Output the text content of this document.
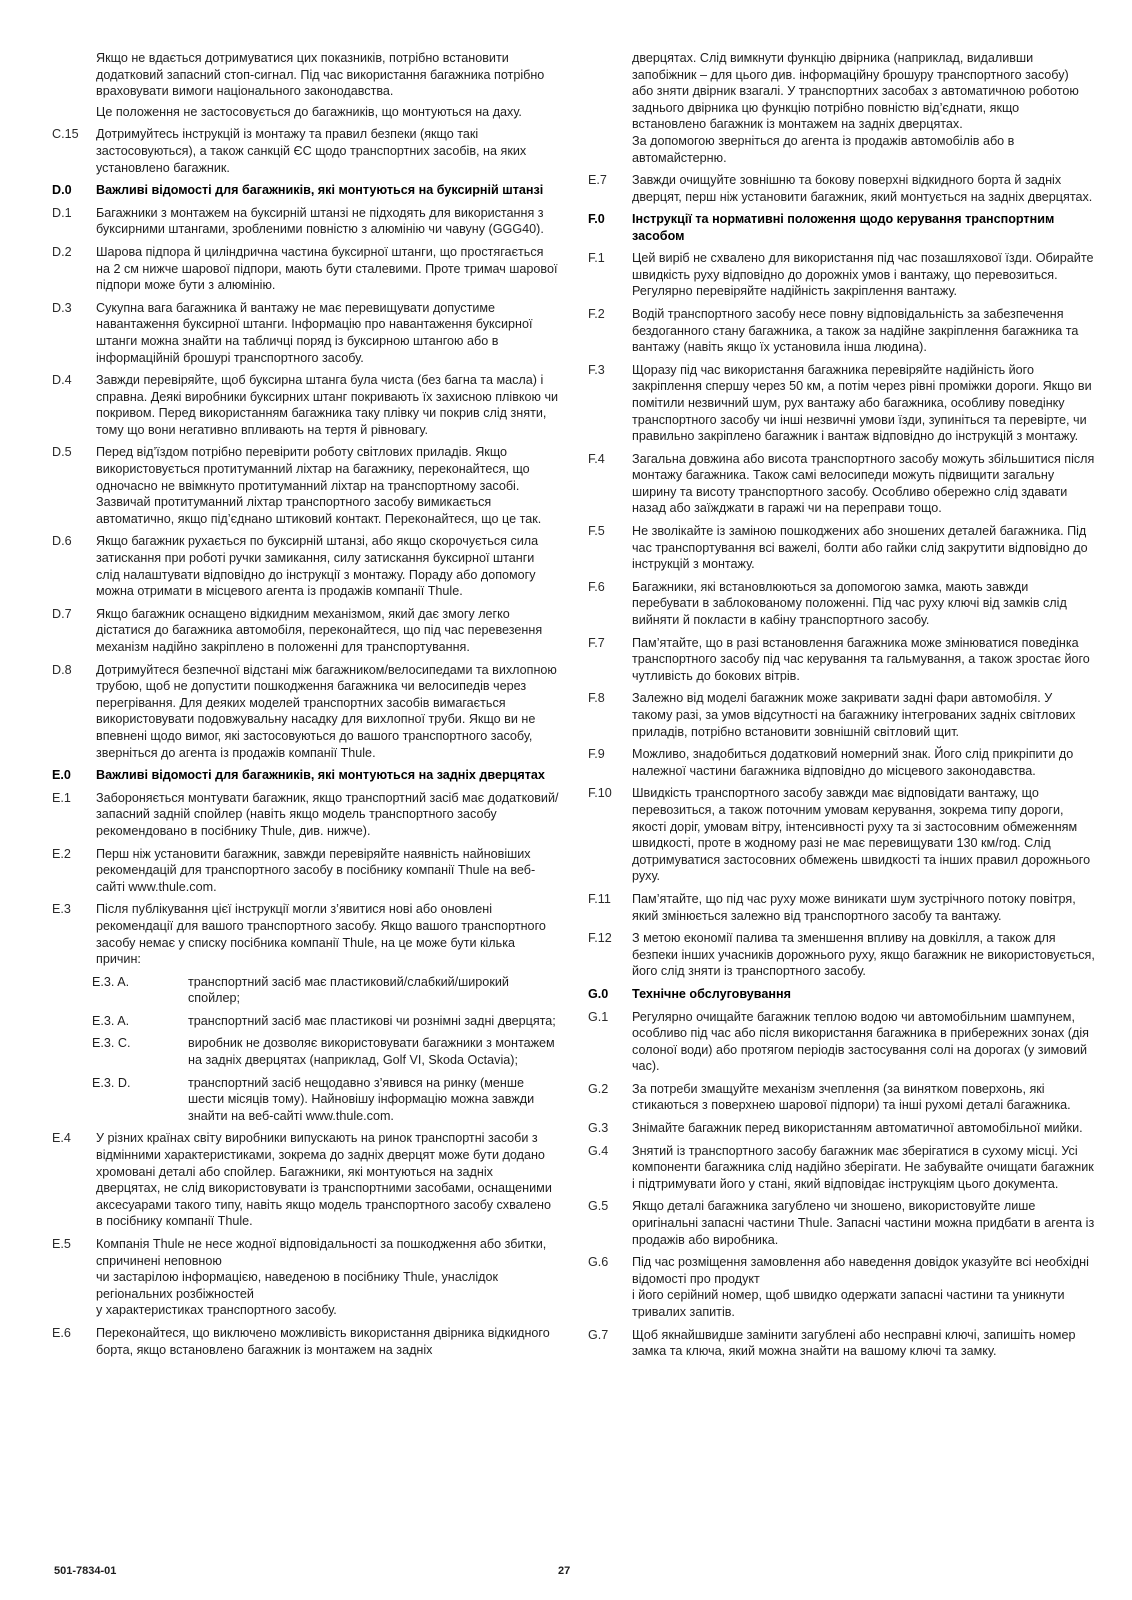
Якщо не вдається дотримуватися цих показників, потрібно встановити додатковий запасний стоп-сигнал. Під час використання багажника потрібно враховувати вимоги національного законодавства.

Це положення не застосовується до багажників, що монтуються на даху.

C.15	Дотримуйтесь інструкцій із монтажу та правил безпеки (якщо такі застосовуються), а також санкцій ЄС щодо транспортних засобів, на яких установлено багажник.

D.0	Важливі відомості для багажників, які монтуються на буксирній штанзі

D.1	Багажники з монтажем на буксирній штанзі не підходять для використання з буксирними штангами, зробленими повністю з алюмінію чи чавуну (GGG40).

D.2	Шарова підпора й циліндрична частина буксирної штанги, що простягається на 2 см нижче шарової підпори, мають бути сталевими. Проте тримач шарової підпори може бути з алюмінію.

D.3	Сукупна вага багажника й вантажу не має перевищувати допустиме навантаження буксирної штанги. Інформацію про навантаження буксирної штанги можна знайти на табличці поряд із буксирною штангою або в інформаційній брошурі транспортного засобу.

D.4	Завжди перевіряйте, щоб буксирна штанга була чиста (без багна та масла) і справна. Деякі виробники буксирних штанг покривають їх захисною плівкою чи покривом. Перед використанням багажника таку плівку чи покрив слід зняти, тому що вони негативно впливають на тертя й рівновагу.

D.5	Перед від’їздом потрібно перевірити роботу світлових приладів. Якщо використовується протитуманний ліхтар на багажнику, переконайтеся, що одночасно не ввімкнуто протитуманний ліхтар на транспортному засобі. Зазвичай протитуманний ліхтар транспортного засобу вимикається автоматично, якщо під’єднано штиковий контакт. Переконайтеся, що це так.

D.6	Якщо багажник рухається по буксирній штанзі, або якщо скорочується сила затискання при роботі ручки замикання, силу затискання буксирної штанги слід налаштувати відповідно до інструкції з монтажу. Пораду або допомогу можна отримати в місцевого агента із продажів компанії Thule.

D.7	Якщо багажник оснащено відкидним механізмом, який дає змогу легко дістатися до багажника автомобіля, переконайтеся, що під час перевезення механізм надійно закріплено в положенні для транспортування.

D.8	Дотримуйтеся безпечної відстані між багажником/велосипедами та вихлопною трубою, щоб не допустити пошкодження багажника чи велосипедів через перегрівання. Для деяких моделей транспортних засобів вимагається використовувати подовжувальну насадку для вихлопної труби. Якщо ви не впевнені щодо вимог, які застосовуються до вашого транспортного засобу, зверніться до агента із продажів компанії Thule.

E.0	Важливі відомості для багажників, які монтуються на задніх дверцятах

E.1	Забороняється монтувати багажник, якщо транспортний засіб має додатковий/запасний задній спойлер (навіть якщо модель транспортного засобу рекомендовано в посібнику Thule, див. нижче).

E.2	Перш ніж установити багажник, завжди перевіряйте наявність найновіших рекомендацій для транспортного засобу в посібнику компанії Thule на веб-сайті www.thule.com.

E.3	Після публікування цієї інструкції могли з’явитися нові або оновлені рекомендації для вашого транспортного засобу. Якщо вашого транспортного засобу немає у списку посібника компанії Thule, на це може бути кілька причин:

E.3. A.	транспортний засіб має пластиковий/слабкий/широкий спойлер;
E.3. A.	транспортний засіб має пластикові чи рознімні задні дверцята;
E.3. C.	виробник не дозволяє використовувати багажники з монтажем на задніх дверцятах (наприклад, Golf VI, Skoda Octavia);
E.3. D.	транспортний засіб нещодавно з’явився на ринку (менше шести місяців тому). Найновішу інформацію можна завжди знайти на веб-сайті www.thule.com.
E.4	У різних країнах світу виробники випускають на ринок транспортні засоби з відмінними характеристиками, зокрема до задніх дверцят може бути додано хромовані деталі або спойлер. Багажники, які монтуються на задніх дверцятах, не слід використовувати із транспортними засобами, оснащеними аксесуарами такого типу, навіть якщо модель транспортного засобу схвалено в посібнику компанії Thule.

E.5	Компанія Thule не несе жодної відповідальності за пошкодження або збитки, спричинені неповною

чи застарілою інформацією, наведеною в посібнику Thule, унаслідок регіональних розбіжностей

у характеристиках транспортного засобу.

E.6	Переконайтеся, що виключено можливість використання двірника відкидного борта, якщо встановлено багажник із монтажем на задніх

дверцятах. Слід вимкнути функцію двірника (наприклад, видаливши запобіжник – для цього див. інформаційну брошуру транспортного засобу)

або зняти двірник взагалі. У транспортних засобах з автоматичною роботою заднього двірника цю функцію потрібно повністю від’єднати, якщо встановлено багажник із монтажем на задніх дверцятах.

За допомогою зверніться до агента із продажів автомобілів або в автомайстерню.

E.7	Завжди очищуйте зовнішню та бокову поверхні відкидного борта й задніх дверцят, перш ніж установити багажник, який монтується на задніх дверцятах.

F.0	Інструкції та нормативні положення щодо керування транспортним засобом

F.1	Цей виріб не схвалено для використання під час позашляхової їзди. Обирайте швидкість руху відповідно до дорожніх умов і вантажу, що перевозиться. Регулярно перевіряйте надійність закріплення вантажу.

F.2	Водій транспортного засобу несе повну відповідальність за забезпечення бездоганного стану багажника, а також за надійне закріплення багажника та вантажу (навіть якщо їх установила інша людина).

F.3	Щоразу під час використання багажника перевіряйте надійність його закріплення спершу через 50 км, а потім через рівні проміжки дороги. Якщо ви помітили незвичний шум, рух вантажу або багажника, особливу поведінку транспортного засобу чи інші незвичні умови їзди, зупиніться та перевірте, чи правильно закріплено багажник і вантаж відповідно до інструкцій з монтажу.

F.4	Загальна довжина або висота транспортного засобу можуть збільшитися після монтажу багажника. Також самі велосипеди можуть підвищити загальну ширину та висоту транспортного засобу. Особливо обережно слід здавати назад або заїжджати в гаражі чи на переправи тощо.

F.5	Не зволікайте із заміною пошкоджених або зношених деталей багажника. Під час транспортування всі важелі, болти або гайки слід закрутити відповідно до інструкцій з монтажу.

F.6	Багажники, які встановлюються за допомогою замка, мають завжди перебувати в заблокованому положенні. Під час руху ключі від замків слід вийняти й покласти в кабіну транспортного засобу.

F.7	Пам’ятайте, що в разі встановлення багажника може змінюватися поведінка транспортного засобу під час керування та гальмування, а також зростає його чутливість до бокових вітрів.

F.8	Залежно від моделі багажник може закривати задні фари автомобіля. У такому разі, за умов відсутності на багажнику інтегрованих задніх світлових приладів, потрібно встановити зовнішній світловий щит.

F.9	Можливо, знадобиться додатковий номерний знак. Його слід прикріпити до належної частини багажника відповідно до місцевого законодавства.

F.10	Швидкість транспортного засобу завжди має відповідати вантажу, що перевозиться, а також поточним умовам керування, зокрема типу дороги, якості доріг, умовам вітру, інтенсивності руху та зі застосовним обмеженням швидкості, проте в жодному разі не має перевищувати 130 км/год. Слід дотримуватися застосовних обмежень швидкості та інших правил дорожнього руху.

F.11	Пам’ятайте, що під час руху може виникати шум зустрічного потоку повітря, який змінюється залежно від транспортного засобу та вантажу.

F.12	З метою економії палива та зменшення впливу на довкілля, а також для безпеки інших учасників дорожнього руху, якщо багажник не використовується, його слід зняти із транспортного засобу.

G.0	Технічне обслуговування

G.1	Регулярно очищайте багажник теплою водою чи автомобільним шампунем, особливо під час або після використання багажника в прибережних зонах (дія солоної води) або протягом періодів застосування солі на дорогах (у зимовий час).

G.2	За потреби змащуйте механізм зчеплення (за винятком поверхонь, які стикаються з поверхнею шарової підпори) та інші рухомі деталі багажника.

G.3	Знімайте багажник перед використанням автоматичної автомобільної мийки.

G.4	Знятий із транспортного засобу багажник має зберігатися в сухому місці. Усі компоненти багажника слід надійно зберігати. Не забувайте очищати багажник і підтримувати його у стані, який відповідає інструкціям цього документа.

G.5	Якщо деталі багажника загублено чи зношено, використовуйте лише оригінальні запасні частини Thule. Запасні частини можна придбати в агента із продажів або виробника.

G.6	Під час розміщення замовлення або наведення довідок указуйте всі необхідні відомості про продукт

і його серійний номер, щоб швидко одержати запасні частини та уникнути тривалих запитів.

G.7	Щоб якнайшвидше замінити загублені або несправні ключі, запишіть номер замка та ключа, який можна знайти на вашому ключі та замку.

501-7834-01	27
